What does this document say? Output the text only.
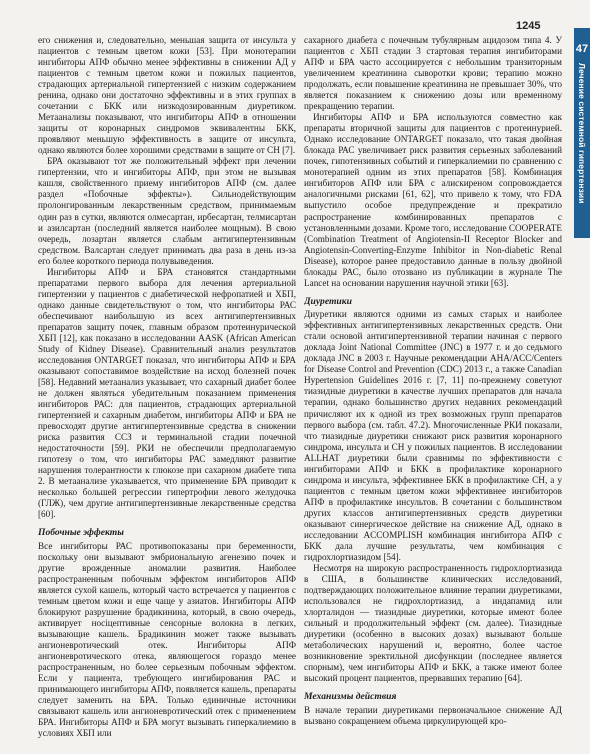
1245
47
Лечение системной гипертензии

его снижения и, следовательно, меньшая защита от инсульта у пациентов с темным цветом кожи [53]. При монотерапии ингибиторы АПФ обычно менее эффективны в снижении АД у пациентов с темным цветом кожи и пожилых пациентов, страдающих артериальной гипертензией с низким содержанием ренина, однако они достаточно эффективны и в этих группах в сочетании с БКК или низкодозированным диуретиком. Метаанализы показывают, что ингибиторы АПФ в отношении защиты от коронарных синдромов эквивалентны БКК, проявляют меньшую эффективность в защите от инсульта, однако являются более хорошими средствами в защите от СН [7].

БРА оказывают тот же положительный эффект при лечении гипертензии, что и ингибиторы АПФ, при этом не вызывая кашля, свойственного приему ингибиторов АПФ (см. далее раздел «Побочные эффекты»). Сильнодействующим пролонгированным лекарственным средством, принимаемым один раз в сутки, являются олмесартан, ирбесартан, телмисартан и азилсартан (последний является наиболее мощным). В свою очередь, лозартан является слабым антигипертензивным средством. Валсартан следует принимать два раза в день из-за его более короткого периода полувыведения.

Ингибиторы АПФ и БРА становятся стандартными препаратами первого выбора для лечения артериальной гипертензии у пациентов с диабетической нефропатией и ХБП, однако данные свидетельствуют о том, что ингибиторы РАС обеспечивают наибольшую из всех антигипертензивных препаратов защиту почек, главным образом протеинурической ХБП [12], как показано в исследовании AASK (African American Study of Kidney Disease). Сравнительный анализ результатов исследования ONTARGET показал, что ингибиторы АПФ и БРА оказывают сопоставимое воздействие на исход болезней почек [58]. Недавний метаанализ указывает, что сахарный диабет более не должен являться убедительным показанием применения ингибиторов РАС: для пациентов, страдающих артериальной гипертензией и сахарным диабетом, ингибиторы АПФ и БРА не превосходят другие антигипертензивные средства в снижении риска развития ССЗ и терминальной стадии почечной недостаточности [59]. РКИ не обеспечили предполагаемую гипотезу о том, что ингибиторы РАС замедляют развитие нарушения толерантности к глюкозе при сахарном диабете типа 2. В метаанализе указывается, что применение БРА приводит к несколько большей регрессии гипертрофии левого желудочка (ГЛЖ), чем другие антигипертензивные лекарственные средства [60].

Побочные эффекты

Все ингибиторы РАС противопоказаны при беременности, поскольку они вызывают эмбриональную агенезию почек и другие врожденные аномалии развития. Наиболее распространенным побочным эффектом ингибиторов АПФ является сухой кашель, который часто встречается у пациентов с темным цветом кожи и еще чаще у азиатов. Ингибиторы АПФ блокируют разрушение брадикинина, который, в свою очередь, активирует нociцептивные сенсорные волокна в легких, вызывающие кашель. Брадикинин может также вызывать ангионевротический отек. Ингибиторы АПФ ангионевротического отека, являющегося гораздо менее распространенным, но более серьезным побочным эффектом. Если у пациента, требующего ингибирования РАС и принимающего ингибиторы АПФ, появляется кашель, препараты следует заменить на БРА. Только единичные источники связывают кашель или ангионевротический отек с применением БРА. Ингибиторы АПФ и БРА могут вызывать гиперкалиемию в условиях ХБП или

сахарного диабета с почечным тубулярным ацидозом типа 4. У пациентов с ХБП стадии 3 стартовая терапия ингибиторами АПФ и БРА часто ассоциируется с небольшим транзиторным увеличением креатинина сыворотки крови; терапию можно продолжать, если повышение креатинина не превышает 30%, что является показанием к снижению дозы или временному прекращению терапии.

Ингибиторы АПФ и БРА используются совместно как препараты вторичной защиты для пациентов с протеинурией. Однако исследование ONTARGET показало, что такая двойная блокада РАС увеличивает риск развития серьезных заболеваний почек, гипотензивных событий и гиперкалиемии по сравнению с монотерапией одним из этих препаратов [58]. Комбинация ингибиторов АПФ или БРА с алискиреном сопровождается аналогичными рисками [61, 62], что привело к тому, что FDA выпустило особое предупреждение и прекратило распространение комбинированных препаратов с установленными дозами. Кроме того, исследование COOPERATE (Combination Treatment of Angiotensin-II Receptor Blocker and Angiotensin-Converting-Enzyme Inhibitor in Non-diabetic Renal Disease), которое ранее предоставило данные в пользу двойной блокады РАС, было отозвано из публикации в журнале The Lancet на основании нарушения научной этики [63].

Диуретики

Диуретики являются одними из самых старых и наиболее эффективных антигипертензивных лекарственных средств. Они стали основой антигипертензивной терапии начиная с первого доклада Joint National Committee (JNC) в 1977 г. и до седьмого доклада JNC в 2003 г. Научные рекомендации AHA/ACC/Centers for Disease Control and Prevention (CDC) 2013 г., а также Canadian Hypertension Guidelines 2016 г. [7, 11] по-прежнему советуют тиазидные диуретики в качестве лучших препаратов для начала терапии, однако большинство других недавних рекомендаций причисляют их к одной из трех возможных групп препаратов первого выбора (см. табл. 47.2). Многочисленные РКИ показали, что тиазидные диуретики снижают риск развития коронарного синдрома, инсульта и СН у пожилых пациентов. В исследовании ALLHAT диуретики были сравнимы по эффективности с ингибиторами АПФ и БКК в профилактике коронарного синдрома и инсульта, эффективнее БКК в профилактике СН, а у пациентов с темным цветом кожи эффективнее ингибиторов АПФ в профилактике инсультов. В сочетании с большинством других классов антигипертензивных средств диуретики оказывают синергическое действие на снижение АД, однако в исследовании ACCOMPLISH комбинация ингибитора АПФ с БКК дала лучшие результаты, чем комбинация с гидрохлортиазидом [54].

Несмотря на широкую распространенность гидрохлортиазида в США, в большинстве клинических исследований, подтверждающих положительное влияние терапии диуретиками, использовался не гидрохлортиазид, а индапамид или хлорталидон — тиазидные диуретики, которые имеют более сильный и продолжительный эффект (см. далее). Тиазидные диуретики (особенно в высоких дозах) вызывают больше метаболических нарушений и, вероятно, более частое возникновение эректильной дисфункции (последнее является спорным), чем ингибиторы АПФ и БКК, а также имеют более высокий процент пациентов, прервавших терапию [64].

Механизмы действия

В начале терапии диуретиками первоначальное снижение АД вызвано сокращением объема циркулирующей кро-
